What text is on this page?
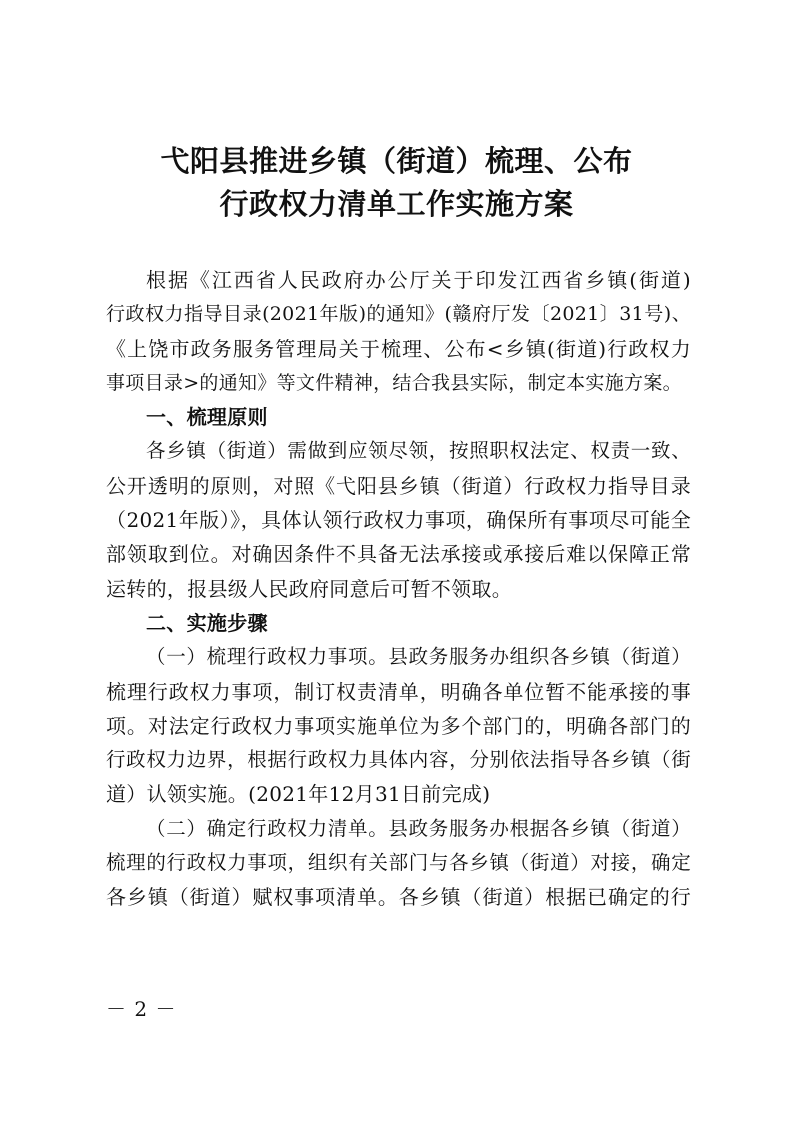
弋阳县推进乡镇（街道）梳理、公布
行政权力清单工作实施方案
根据《江西省人民政府办公厅关于印发江西省乡镇(街道)
行政权力指导目录(2021年版)的通知》(赣府厅发〔2021〕31号)、
《上饶市政务服务管理局关于梳理、公布<乡镇(街道)行政权力
事项目录>的通知》等文件精神，结合我县实际，制定本实施方案。
一、梳理原则
各乡镇（街道）需做到应领尽领，按照职权法定、权责一致、
公开透明的原则，对照《弋阳县乡镇（街道）行政权力指导目录
（2021年版）》，具体认领行政权力事项，确保所有事项尽可能全
部领取到位。对确因条件不具备无法承接或承接后难以保障正常
运转的，报县级人民政府同意后可暂不领取。
二、实施步骤
（一）梳理行政权力事项。县政务服务办组织各乡镇（街道）
梳理行政权力事项，制订权责清单，明确各单位暂不能承接的事
项。对法定行政权力事项实施单位为多个部门的，明确各部门的
行政权力边界，根据行政权力具体内容，分别依法指导各乡镇（街
道）认领实施。(2021年12月31日前完成)
（二）确定行政权力清单。县政务服务办根据各乡镇（街道）
梳理的行政权力事项，组织有关部门与各乡镇（街道）对接，确定
各乡镇（街道）赋权事项清单。各乡镇（街道）根据已确定的行
－ 2 －
